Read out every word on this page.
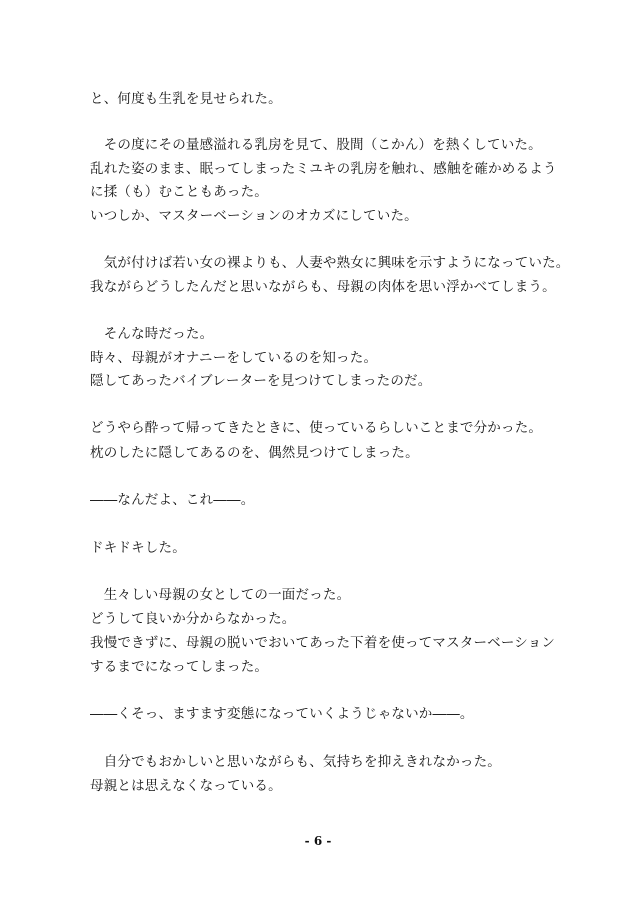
と、何度も生乳を見せられた。
　その度にその量感溢れる乳房を見て、股間（こかん）を熱くしていた。
乱れた姿のまま、眠ってしまったミユキの乳房を触れ、感触を確かめるよう
に揉（も）むこともあった。
いつしか、マスターベーションのオカズにしていた。
　気が付けば若い女の裸よりも、人妻や熟女に興味を示すようになっていた。
我ながらどうしたんだと思いながらも、母親の肉体を思い浮かべてしまう。
　そんな時だった。
時々、母親がオナニーをしているのを知った。
隠してあったバイブレーターを見つけてしまったのだ。
どうやら酔って帰ってきたときに、使っているらしいことまで分かった。
枕のしたに隠してあるのを、偶然見つけてしまった。
――なんだよ、これ――。
ドキドキした。
　生々しい母親の女としての一面だった。
どうして良いか分からなかった。
我慢できずに、母親の脱いでおいてあった下着を使ってマスターベーション
するまでになってしまった。
――くそっ、ますます変態になっていくようじゃないか――。
　自分でもおかしいと思いながらも、気持ちを抑えきれなかった。
母親とは思えなくなっている。
- 6 -
